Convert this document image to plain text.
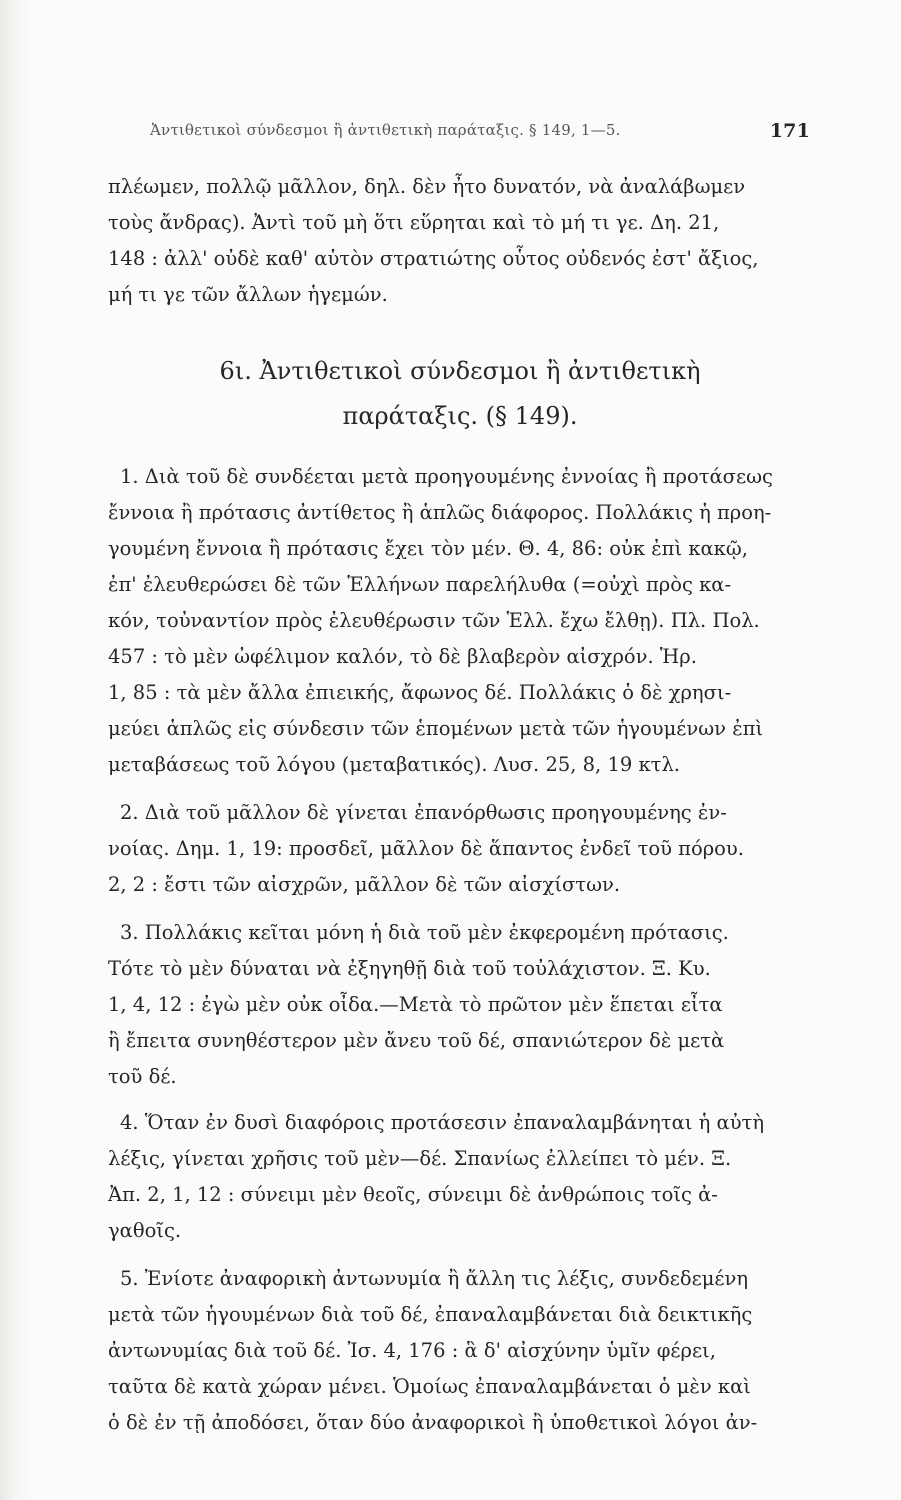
Ἀντιθετικοὶ σύνδεσμοι ἢ ἀντιθετικὴ παράταξις. § 149, 1—5.	171
πλέωμεν, πολλῷ μᾶλλον, δηλ. δὲν ἦτο δυνατόν, νὰ ἀναλάβωμεν
τοὺς ἄνδρας). Ἀντὶ τοῦ μὴ ὅτι εὕρηται καὶ τὸ μή τι γε. Δη. 21,
148 : ἀλλ' οὐδὲ καθ' αὑτὸν στρατιώτης οὗτος οὐδενός ἐστ' ἄξιος,
μή τι γε τῶν ἄλλων ἡγεμών.
6ι. Ἀντιθετικοὶ σύνδεσμοι ἢ ἀντιθετικὴ
παράταξις. (§ 149).
1. Διὰ τοῦ δὲ συνδέεται μετὰ προηγουμένης ἐννοίας ἢ προτάσεως
ἔννοια ἢ πρότασις ἀντίθετος ἢ ἁπλῶς διάφορος. Πολλάκις ἡ προη-
γουμένη ἔννοια ἢ πρότασις ἔχει τὸν μέν. Θ. 4, 86: οὐκ ἐπὶ κακῷ,
ἐπ' ἐλευθερώσει δὲ τῶν Ἑλλήνων παρελήλυθα (=οὐχὶ πρὸς κα-
κόν, τοὐναντίον πρὸς ἐλευθέρωσιν τῶν Ἑλλ. ἔχω ἔλθῃ). Πλ. Πολ.
457 : τὸ μὲν ὠφέλιμον καλόν, τὸ δὲ βλαβερὸν αἰσχρόν. Ἡρ.
1, 85 : τὰ μὲν ἄλλα ἐπιεικής, ἄφωνος δέ. Πολλάκις ὁ δὲ χρησι-
μεύει ἁπλῶς εἰς σύνδεσιν τῶν ἑπομένων μετὰ τῶν ἡγουμένων ἐπὶ
μεταβάσεως τοῦ λόγου (μεταβατικός). Λυσ. 25, 8, 19 κτλ.
2. Διὰ τοῦ μᾶλλον δὲ γίνεται ἐπανόρθωσις προηγουμένης ἐν-
νοίας. Δημ. 1, 19: προσδεῖ, μᾶλλον δὲ ἅπαντος ἐνδεῖ τοῦ πόρου.
2, 2 : ἔστι τῶν αἰσχρῶν, μᾶλλον δὲ τῶν αἰσχίστων.
3. Πολλάκις κεῖται μόνη ἡ διὰ τοῦ μὲν ἐκφερομένη πρότασις.
Τότε τὸ μὲν δύναται νὰ ἐξηγηθῇ διὰ τοῦ τοὐλάχιστον. Ξ. Κυ.
1, 4, 12 : ἐγὼ μὲν οὐκ οἶδα.—Μετὰ τὸ πρῶτον μὲν ἕπεται εἶτα
ἢ ἔπειτα συνηθέστερον μὲν ἄνευ τοῦ δέ, σπανιώτερον δὲ μετὰ
τοῦ δέ.
4. Ὅταν ἐν δυσὶ διαφόροις προτάσεσιν ἐπαναλαμβάνηται ἡ αὐτὴ
λέξις, γίνεται χρῆσις τοῦ μὲν—δέ. Σπανίως ἐλλείπει τὸ μέν. Ξ.
Ἀπ. 2, 1, 12 : σύνειμι μὲν θεοῖς, σύνειμι δὲ ἀνθρώποις τοῖς ἀ-
γαθοῖς.
5. Ἐνίοτε ἀναφορικὴ ἀντωνυμία ἢ ἄλλη τις λέξις, συνδεδεμένη
μετὰ τῶν ἡγουμένων διὰ τοῦ δέ, ἐπαναλαμβάνεται διὰ δεικτικῆς
ἀντωνυμίας διὰ τοῦ δέ. Ἰσ. 4, 176 : ἃ δ' αἰσχύνην ὑμῖν φέρει,
ταῦτα δὲ κατὰ χώραν μένει. Ὁμοίως ἐπαναλαμβάνεται ὁ μὲν καὶ
ὁ δὲ ἐν τῇ ἀποδόσει, ὅταν δύο ἀναφορικοὶ ἢ ὑποθετικοὶ λόγοι ἀν-
